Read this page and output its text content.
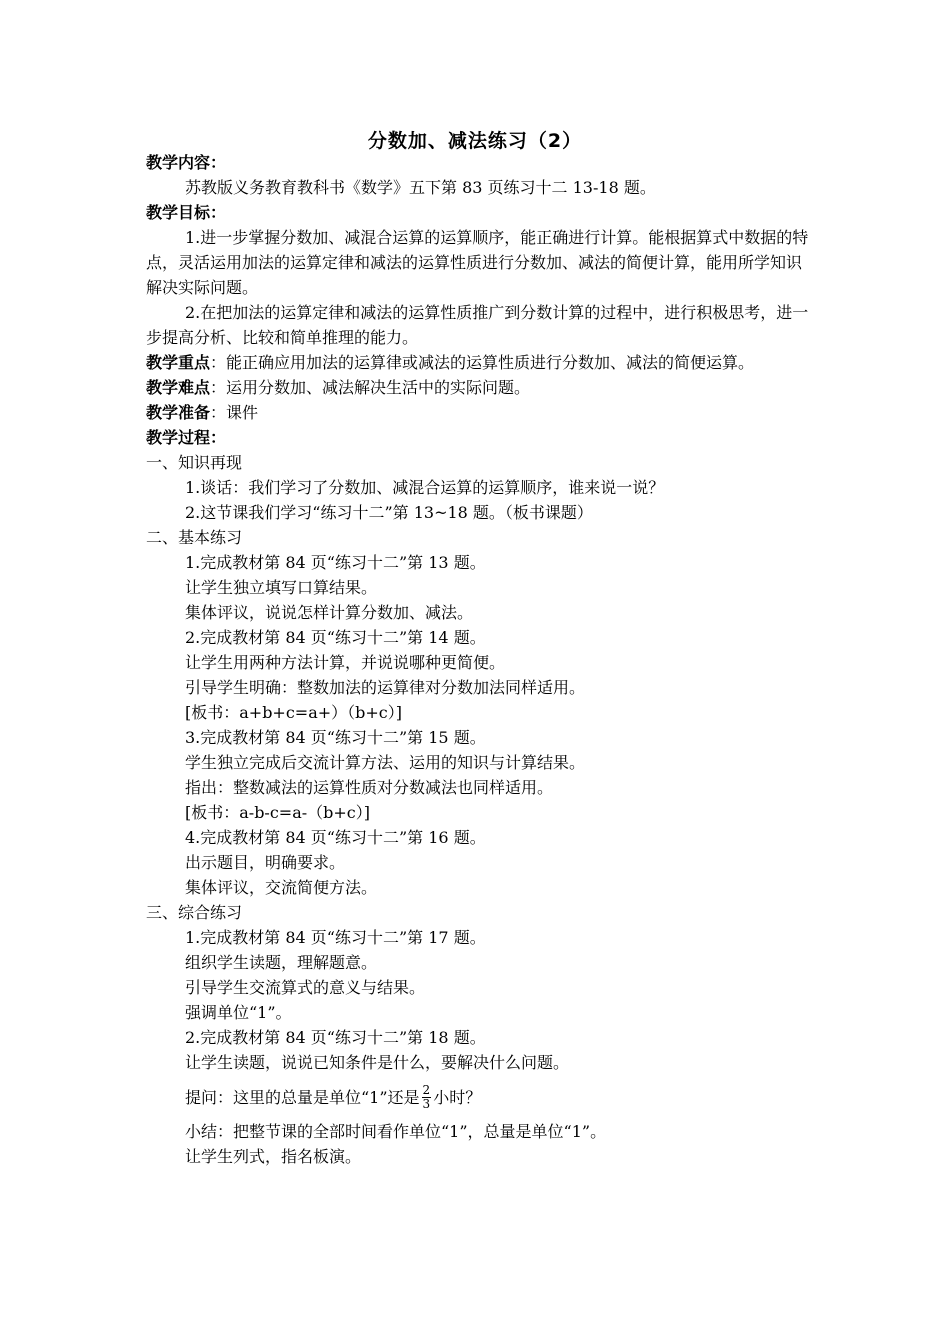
分数加、减法练习（2）
教学内容：
苏教版义务教育教科书《数学》五下第 83 页练习十二 13-18 题。
教学目标：
1.进一步掌握分数加、减混合运算的运算顺序，能正确进行计算。能根据算式中数据的特点，灵活运用加法的运算定律和减法的运算性质进行分数加、减法的简便计算，能用所学知识解决实际问题。
2.在把加法的运算定律和减法的运算性质推广到分数计算的过程中，进行积极思考，进一步提高分析、比较和简单推理的能力。
教学重点：能正确应用加法的运算律或减法的运算性质进行分数加、减法的简便运算。
教学难点：运用分数加、减法解决生活中的实际问题。
教学准备：课件
教学过程：
一、知识再现
1.谈话：我们学习了分数加、减混合运算的运算顺序，谁来说一说？
2.这节课我们学习“练习十二”第 13~18 题。（板书课题）
二、基本练习
1.完成教材第 84 页“练习十二”第 13 题。
让学生独立填写口算结果。
集体评议，说说怎样计算分数加、减法。
2.完成教材第 84 页“练习十二”第 14 题。
让学生用两种方法计算，并说说哪种更简便。
引导学生明确：整数加法的运算律对分数加法同样适用。
[板书：a+b+c=a+）（b+c）]
3.完成教材第 84 页“练习十二”第 15 题。
学生独立完成后交流计算方法、运用的知识与计算结果。
指出：整数减法的运算性质对分数减法也同样适用。
[板书：a-b-c=a-（b+c）]
4.完成教材第 84 页“练习十二”第 16 题。
出示题目，明确要求。
集体评议，交流简便方法。
三、综合练习
1.完成教材第 84 页“练习十二”第 17 题。
组织学生读题，理解题意。
引导学生交流算式的意义与结果。
强调单位“1”。
2.完成教材第 84 页“练习十二”第 18 题。
让学生读题，说说已知条件是什么，要解决什么问题。
提问：这里的总量是单位“1”还是 $\frac{2}{3}$ 小时？
小结：把整节课的全部时间看作单位“1”，总量是单位“1”。
让学生列式，指名板演。
